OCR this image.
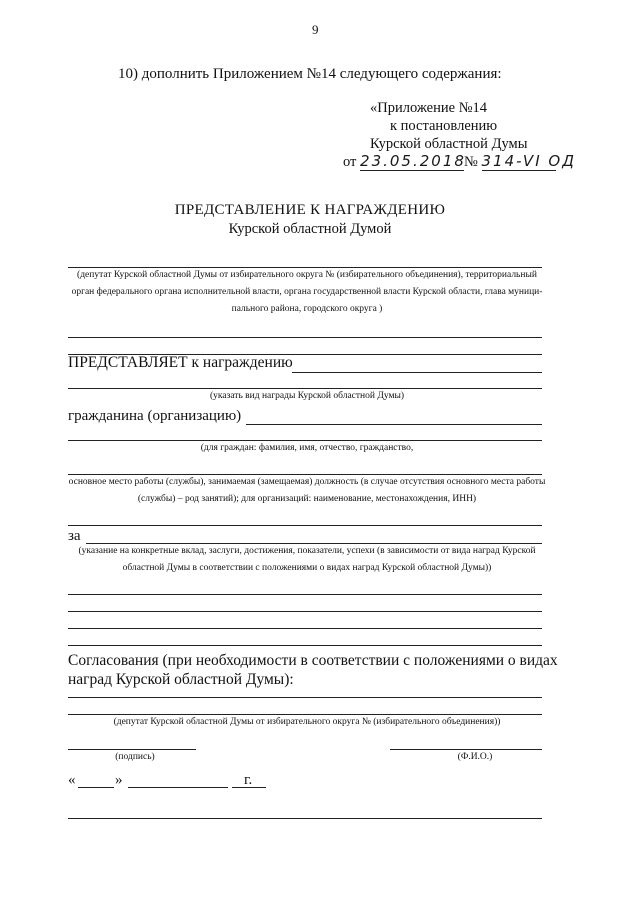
9
10) дополнить Приложением №14 следующего содержания:
«Приложение №14
к постановлению
Курской областной Думы
от 23.05.2018№ 314-VI ОД
ПРЕДСТАВЛЕНИЕ К НАГРАЖДЕНИЮ
Курской областной Думой
(депутат Курской областной Думы от избирательного округа № (избирательного объединения), территориальный
орган федерального органа исполнительной власти, органа государственной власти Курской области, глава муници-
пального района, городского округа )
ПРЕДСТАВЛЯЕТ к награждению
(указать вид награды Курской областной Думы)
гражданина (организацию)
(для граждан: фамилия, имя, отчество, гражданство,
основное место работы (службы), занимаемая (замещаемая) должность (в случае отсутствия основного места работы
(службы) – род занятий); для организаций: наименование, местонахождения, ИНН)
за
(указание на конкретные вклад, заслуги, достижения, показатели, успехи (в зависимости от вида наград Курской
областной Думы в соответствии с положениями о видах наград Курской областной Думы))
Согласования (при необходимости в соответствии с положениями о видах
наград Курской областной Думы):
(депутат Курской областной Думы от избирательного округа № (избирательного объединения))
(подпись)	(Ф.И.О.)
«	»	г.
